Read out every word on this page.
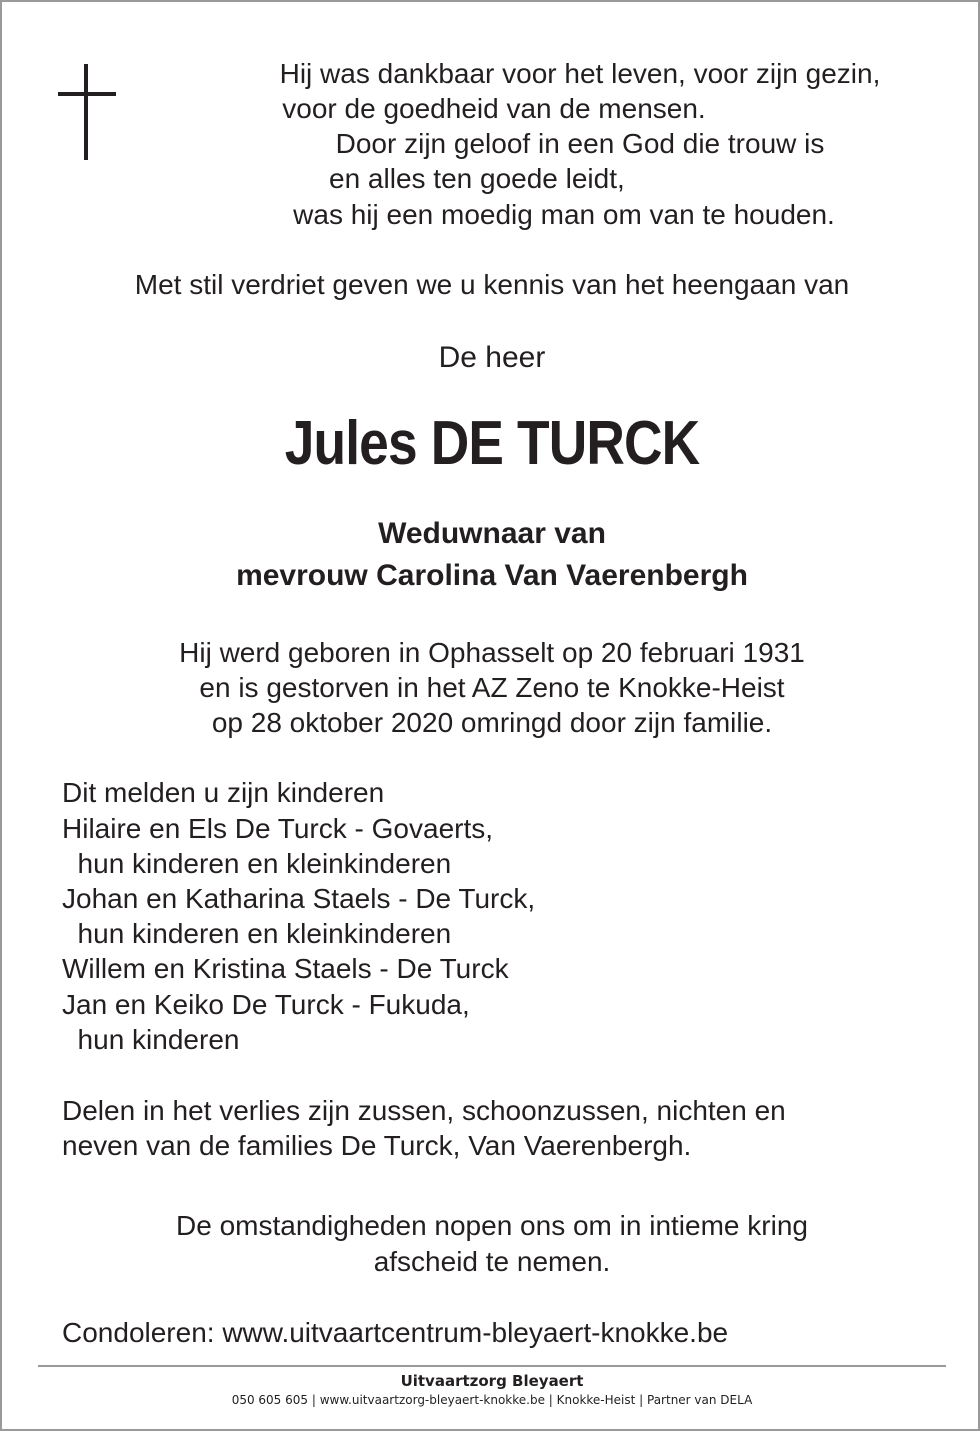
Hij was dankbaar voor het leven, voor zijn gezin,
voor de goedheid van de mensen.
Door zijn geloof in een God die trouw is
en alles ten goede leidt,
was hij een moedig man om van te houden.
Met stil verdriet geven we u kennis van het heengaan van
De heer
Jules DE TURCK
Weduwnaar van
mevrouw Carolina Van Vaerenbergh
Hij werd geboren in Ophasselt op 20 februari 1931
en is gestorven in het AZ Zeno te Knokke-Heist
op 28 oktober 2020 omringd door zijn familie.
Dit melden u zijn kinderen
Hilaire en Els De Turck - Govaerts,
hun kinderen en kleinkinderen
Johan en Katharina Staels - De Turck,
hun kinderen en kleinkinderen
Willem en Kristina Staels - De Turck
Jan en Keiko De Turck - Fukuda,
hun kinderen
Delen in het verlies zijn zussen, schoonzussen, nichten en
neven van de families De Turck, Van Vaerenbergh.
De omstandigheden nopen ons om in intieme kring
afscheid te nemen.
Condoleren: www.uitvaartcentrum-bleyaert-knokke.be
Uitvaartzorg Bleyaert
050 605 605 | www.uitvaartzorg-bleyaert-knokke.be | Knokke-Heist | Partner van DELA
